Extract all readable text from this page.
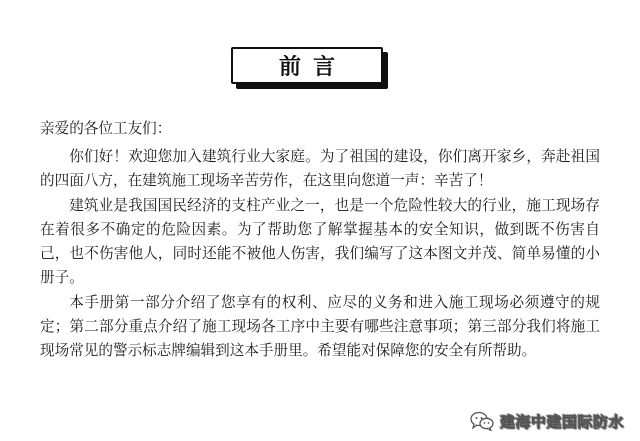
前言
亲爱的各位工友们：

你们好！欢迎您加入建筑行业大家庭。为了祖国的建设，你们离开家乡，奔赴祖国的四面八方，在建筑施工现场辛苦劳作，在这里向您道一声：辛苦了！

建筑业是我国国民经济的支柱产业之一，也是一个危险性较大的行业，施工现场存在着很多不确定的危险因素。为了帮助您了解掌握基本的安全知识，做到既不伤害自己，也不伤害他人，同时还能不被他人伤害，我们编写了这本图文并茂、简单易懂的小册子。

本手册第一部分介绍了您享有的权利、应尽的义务和进入施工现场必须遵守的规定；第二部分重点介绍了施工现场各工序中主要有哪些注意事项；第三部分我们将施工现场常见的警示标志牌编辑到这本手册里。希望能对保障您的安全有所帮助。

建海中建国际防水
